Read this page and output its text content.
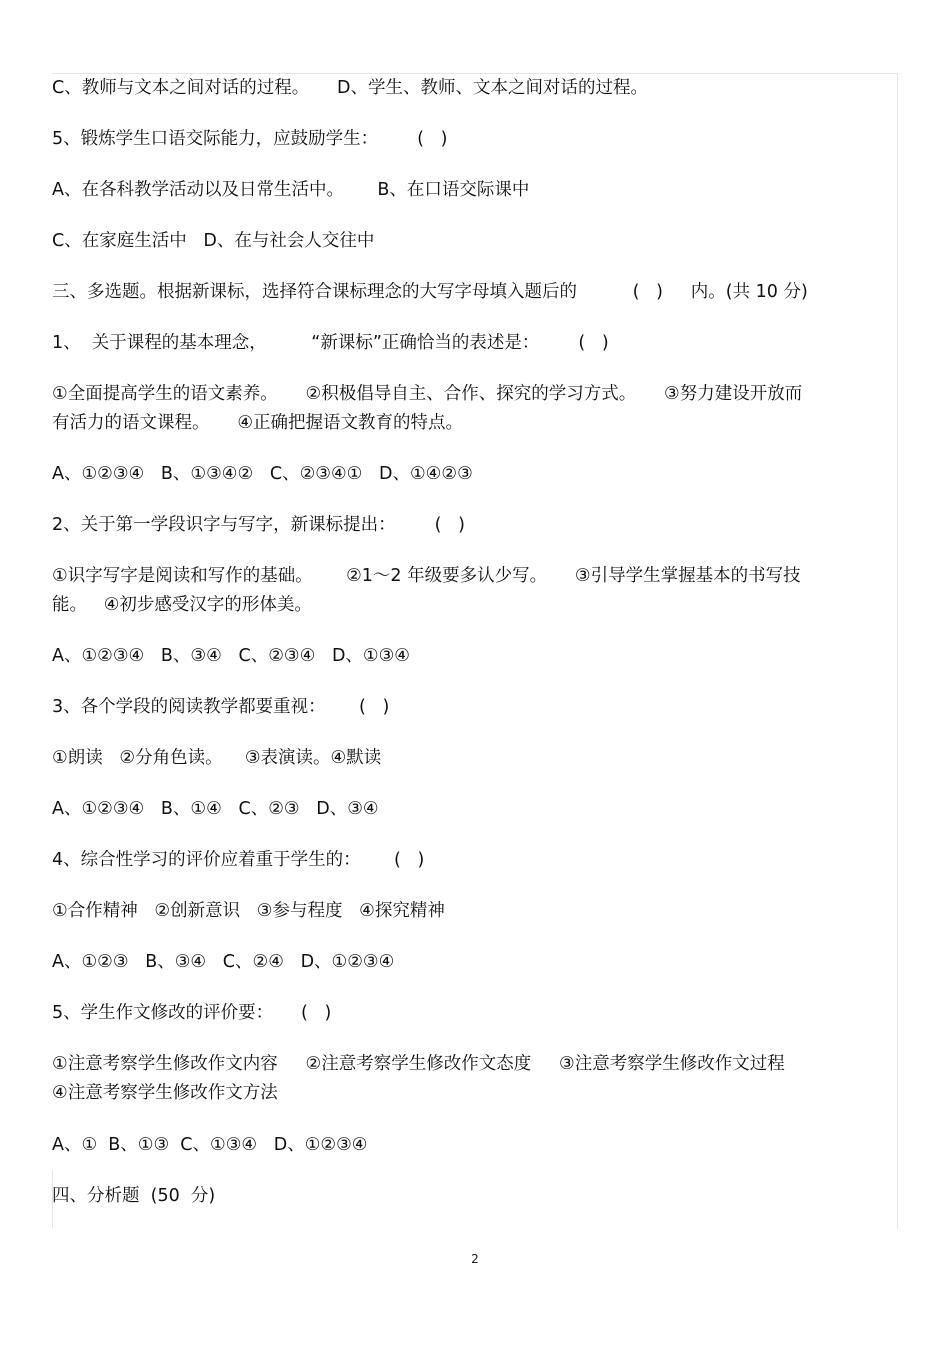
C、教师与文本之间对话的过程。     D、学生、教师、文本之间对话的过程。

5、锻炼学生口语交际能力，应鼓励学生：       (   )

A、在各科教学活动以及日常生活中。      B、在口语交际课中

C、在家庭生活中   D、在与社会人交往中

三、多选题。根据新课标，选择符合课标理念的大写字母填入题后的          (   )     内。(共 10 分)

1、  关于课程的基本理念，        “新课标”正确恰当的表述是：       (   )

①全面提高学生的语文素养。     ②积极倡导自主、合作、探究的学习方式。     ③努力建设开放而

有活力的语文课程。     ④正确把握语文教育的特点。

A、①②③④   B、①③④②   C、②③④①   D、①④②③

2、关于第一学段识字与写字，新课标提出：       (   )

①识字写字是阅读和写作的基础。      ②1～2 年级要多认少写。     ③引导学生掌握基本的书写技

能。   ④初步感受汉字的形体美。

A、①②③④   B、③④   C、②③④   D、①③④

3、各个学段的阅读教学都要重视：      (   )

①朗读   ②分角色读。    ③表演读。④默读

A、①②③④   B、①④   C、②③   D、③④

4、综合性学习的评价应着重于学生的：      (   )

①合作精神   ②创新意识   ③参与程度   ④探究精神

A、①②③   B、③④   C、②④   D、①②③④

5、学生作文修改的评价要：     (   )

①注意考察学生修改作文内容     ②注意考察学生修改作文态度     ③注意考察学生修改作文过程

④注意考察学生修改作文方法

A、①  B、①③  C、①③④   D、①②③④

四、分析题  (50  分)

2
